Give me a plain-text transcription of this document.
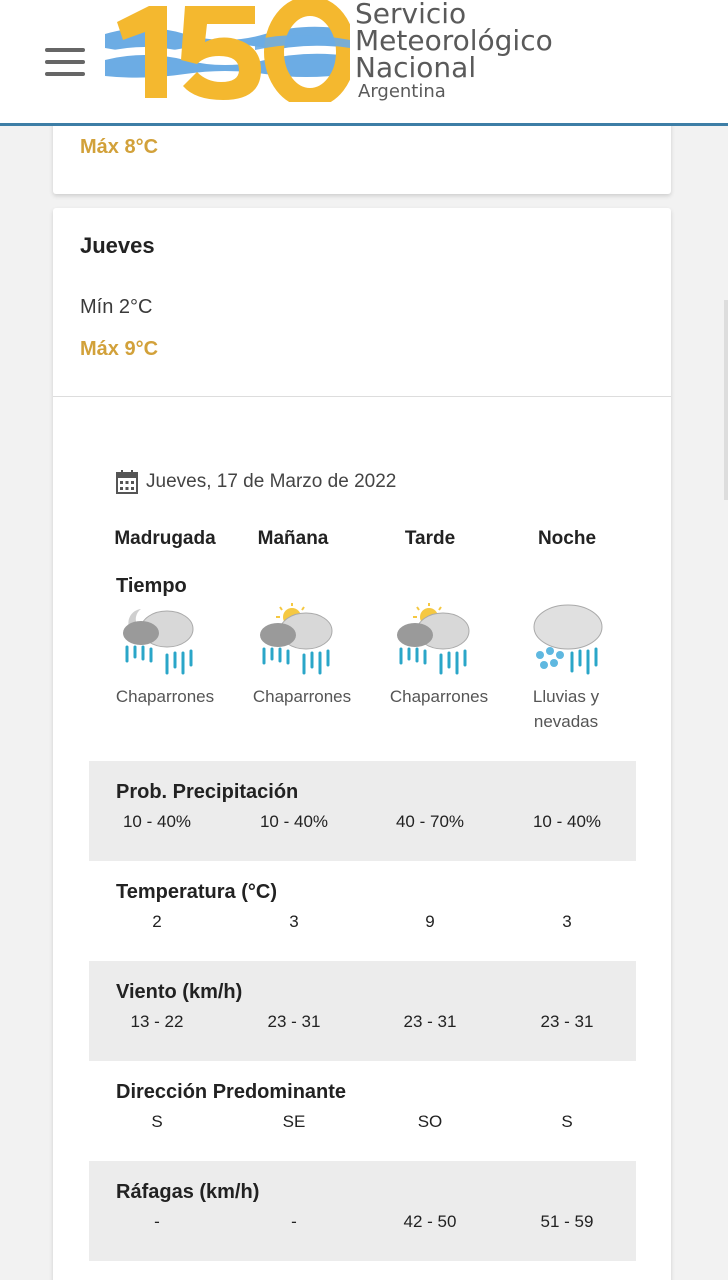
Servicio
Meteorológico
Nacional
Argentina
Máx 8°C
Jueves
Mín 2°C
Máx 9°C
Jueves, 17 de Marzo de 2022
Madrugada	Mañana	Tarde	Noche
Tiempo
Chaparrones	Chaparrones	Chaparrones	Lluvias y nevadas
Prob. Precipitación
10 - 40%	10 - 40%	40 - 70%	10 - 40%
Temperatura (°C)
2	3	9	3
Viento (km/h)
13 - 22	23 - 31	23 - 31	23 - 31
Dirección Predominante
S	SE	SO	S
Ráfagas (km/h)
-	-	42 - 50	51 - 59
